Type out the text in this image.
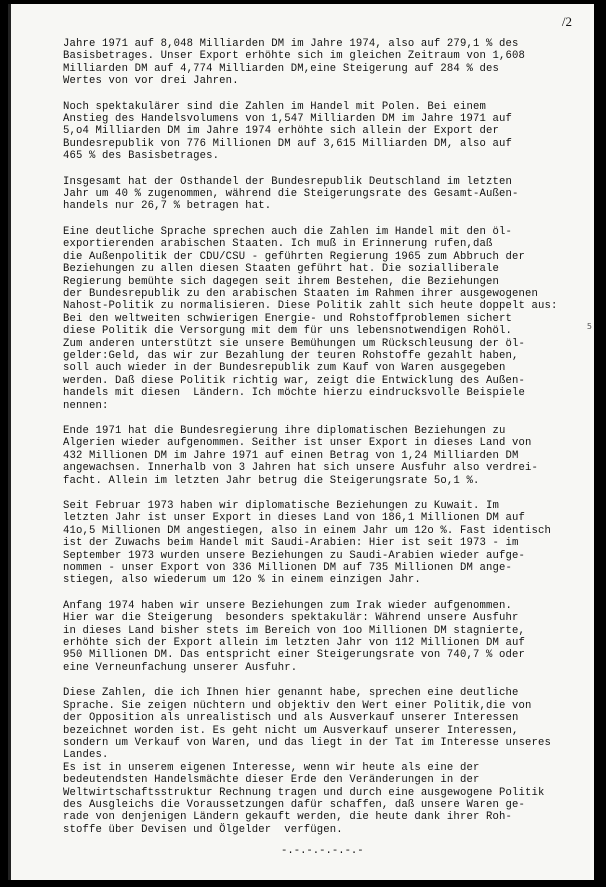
/2
5
Jahre 1971 auf 8,048 Milliarden DM im Jahre 1974, also auf 279,1 % des
Basisbetrages. Unser Export erhöhte sich im gleichen Zeitraum von 1,608
Milliarden DM auf 4,774 Milliarden DM,eine Steigerung auf 284 % des
Wertes von vor drei Jahren.
Noch spektakulärer sind die Zahlen im Handel mit Polen. Bei einem
Anstieg des Handelsvolumens von 1,547 Milliarden DM im Jahre 1971 auf
5,o4 Milliarden DM im Jahre 1974 erhöhte sich allein der Export der
Bundesrepublik von 776 Millionen DM auf 3,615 Milliarden DM, also auf
465 % des Basisbetrages.
Insgesamt hat der Osthandel der Bundesrepublik Deutschland im letzten
Jahr um 40 % zugenommen, während die Steigerungsrate des Gesamt-Außen-
handels nur 26,7 % betragen hat.
Eine deutliche Sprache sprechen auch die Zahlen im Handel mit den öl-
exportierenden arabischen Staaten. Ich muß in Erinnerung rufen,daß
die Außenpolitik der CDU/CSU - geführten Regierung 1965 zum Abbruch der
Beziehungen zu allen diesen Staaten geführt hat. Die sozialliberale
Regierung bemühte sich dagegen seit ihrem Bestehen, die Beziehungen
der Bundesrepublik zu den arabischen Staaten im Rahmen ihrer ausgewogenen
Nahost-Politik zu normalisieren. Diese Politik zahlt sich heute doppelt aus:
Bei den weltweiten schwierigen Energie- und Rohstoffproblemen sichert
diese Politik die Versorgung mit dem für uns lebensnotwendigen Rohöl.
Zum anderen unterstützt sie unsere Bemühungen um Rückschleusung der öl-
gelder:Geld, das wir zur Bezahlung der teuren Rohstoffe gezahlt haben,
soll auch wieder in der Bundesrepublik zum Kauf von Waren ausgegeben
werden. Daß diese Politik richtig war, zeigt die Entwicklung des Außen-
handels mit diesen  Ländern. Ich möchte hierzu eindrucksvolle Beispiele
nennen:
Ende 1971 hat die Bundesregierung ihre diplomatischen Beziehungen zu
Algerien wieder aufgenommen. Seither ist unser Export in dieses Land von
432 Millionen DM im Jahre 1971 auf einen Betrag von 1,24 Milliarden DM
angewachsen. Innerhalb von 3 Jahren hat sich unsere Ausfuhr also verdrei-
facht. Allein im letzten Jahr betrug die Steigerungsrate 5o,1 %.
Seit Februar 1973 haben wir diplomatische Beziehungen zu Kuwait. Im
letzten Jahr ist unser Export in dieses Land von 186,1 Millionen DM auf
41o,5 Millionen DM angestiegen, also in einem Jahr um 12o %. Fast identisch
ist der Zuwachs beim Handel mit Saudi-Arabien: Hier ist seit 1973 - im
September 1973 wurden unsere Beziehungen zu Saudi-Arabien wieder aufge-
nommen - unser Export von 336 Millionen DM auf 735 Millionen DM ange-
stiegen, also wiederum um 12o % in einem einzigen Jahr.
Anfang 1974 haben wir unsere Beziehungen zum Irak wieder aufgenommen.
Hier war die Steigerung  besonders spektakulär: Während unsere Ausfuhr
in dieses Land bisher stets im Bereich von 1oo Millionen DM stagnierte,
erhöhte sich der Export allein im letzten Jahr von 112 Millionen DM auf
950 Millionen DM. Das entspricht einer Steigerungsrate von 740,7 % oder
eine Verneunfachung unserer Ausfuhr.
Diese Zahlen, die ich Ihnen hier genannt habe, sprechen eine deutliche
Sprache. Sie zeigen nüchtern und objektiv den Wert einer Politik,die von
der Opposition als unrealistisch und als Ausverkauf unserer Interessen
bezeichnet worden ist. Es geht nicht um Ausverkauf unserer Interessen,
sondern um Verkauf von Waren, und das liegt in der Tat im Interesse unseres
Landes.
Es ist in unserem eigenen Interesse, wenn wir heute als eine der
bedeutendsten Handelsmächte dieser Erde den Veränderungen in der
Weltwirtschaftsstruktur Rechnung tragen und durch eine ausgewogene Politik
des Ausgleichs die Voraussetzungen dafür schaffen, daß unsere Waren ge-
rade von denjenigen Ländern gekauft werden, die heute dank ihrer Roh-
stoffe über Devisen und Ölgelder  verfügen.
-.-.-.-.-.-.-
